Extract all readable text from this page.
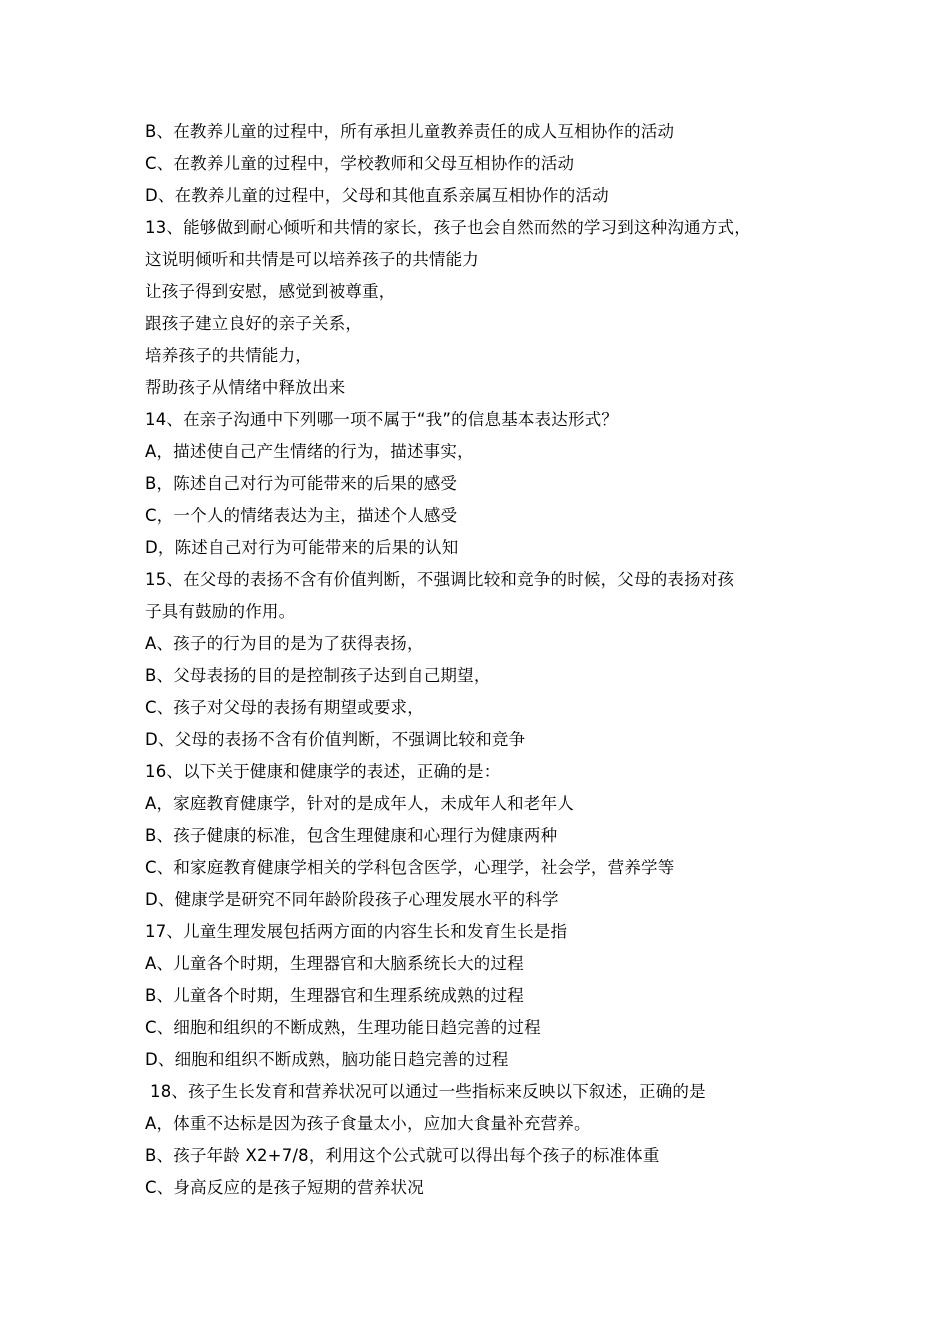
B、在教养儿童的过程中，所有承担儿童教养责任的成人互相协作的活动
C、在教养儿童的过程中，学校教师和父母互相协作的活动
D、在教养儿童的过程中，父母和其他直系亲属互相协作的活动
13、能够做到耐心倾听和共情的家长，孩子也会自然而然的学习到这种沟通方式，
这说明倾听和共情是可以培养孩子的共情能力
让孩子得到安慰，感觉到被尊重，
跟孩子建立良好的亲子关系，
培养孩子的共情能力，
帮助孩子从情绪中释放出来
14、在亲子沟通中下列哪一项不属于“我”的信息基本表达形式？
A，描述使自己产生情绪的行为，描述事实，
B，陈述自己对行为可能带来的后果的感受
C，一个人的情绪表达为主，描述个人感受
D，陈述自己对行为可能带来的后果的认知
15、在父母的表扬不含有价值判断，不强调比较和竞争的时候，父母的表扬对孩
子具有鼓励的作用。
A、孩子的行为目的是为了获得表扬，
B、父母表扬的目的是控制孩子达到自己期望，
C、孩子对父母的表扬有期望或要求，
D、父母的表扬不含有价值判断，不强调比较和竞争
16、以下关于健康和健康学的表述，正确的是：
A，家庭教育健康学，针对的是成年人，未成年人和老年人
B、孩子健康的标准，包含生理健康和心理行为健康两种
C、和家庭教育健康学相关的学科包含医学，心理学，社会学，营养学等
D、健康学是研究不同年龄阶段孩子心理发展水平的科学
17、儿童生理发展包括两方面的内容生长和发育生长是指
A、儿童各个时期，生理器官和大脑系统长大的过程
B、儿童各个时期，生理器官和生理系统成熟的过程
C、细胞和组织的不断成熟，生理功能日趋完善的过程
D、细胞和组织不断成熟，脑功能日趋完善的过程
18、孩子生长发育和营养状况可以通过一些指标来反映以下叙述，正确的是
A，体重不达标是因为孩子食量太小，应加大食量补充营养。
B、孩子年龄 X2+7/8，利用这个公式就可以得出每个孩子的标准体重
C、身高反应的是孩子短期的营养状况
